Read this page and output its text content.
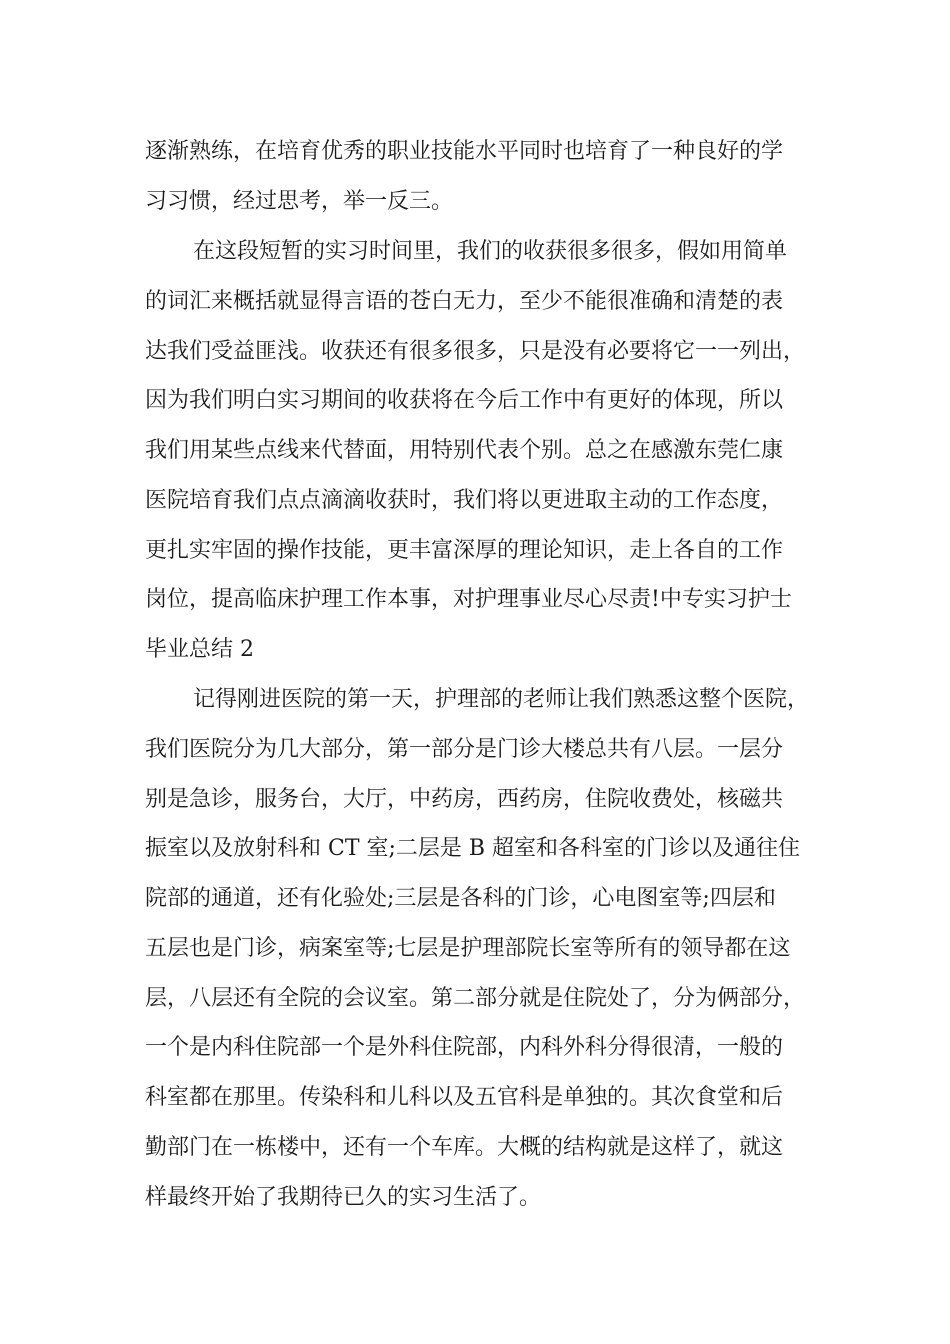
逐渐熟练，在培育优秀的职业技能水平同时也培育了一种良好的学
习习惯，经过思考，举一反三。
在这段短暂的实习时间里，我们的收获很多很多，假如用简单
的词汇来概括就显得言语的苍白无力，至少不能很准确和清楚的表
达我们受益匪浅。收获还有很多很多，只是没有必要将它一一列出，
因为我们明白实习期间的收获将在今后工作中有更好的体现，所以
我们用某些点线来代替面，用特别代表个别。总之在感激东莞仁康
医院培育我们点点滴滴收获时，我们将以更进取主动的工作态度，
更扎实牢固的操作技能，更丰富深厚的理论知识，走上各自的工作
岗位，提高临床护理工作本事，对护理事业尽心尽责!中专实习护士
毕业总结 2
记得刚进医院的第一天，护理部的老师让我们熟悉这整个医院，
我们医院分为几大部分，第一部分是门诊大楼总共有八层。一层分
别是急诊，服务台，大厅，中药房，西药房，住院收费处，核磁共
振室以及放射科和 CT 室;二层是 B 超室和各科室的门诊以及通往住
院部的通道，还有化验处;三层是各科的门诊，心电图室等;四层和
五层也是门诊，病案室等;七层是护理部院长室等所有的领导都在这
层，八层还有全院的会议室。第二部分就是住院处了，分为俩部分，
一个是内科住院部一个是外科住院部，内科外科分得很清，一般的
科室都在那里。传染科和儿科以及五官科是单独的。其次食堂和后
勤部门在一栋楼中，还有一个车库。大概的结构就是这样了，就这
样最终开始了我期待已久的实习生活了。
